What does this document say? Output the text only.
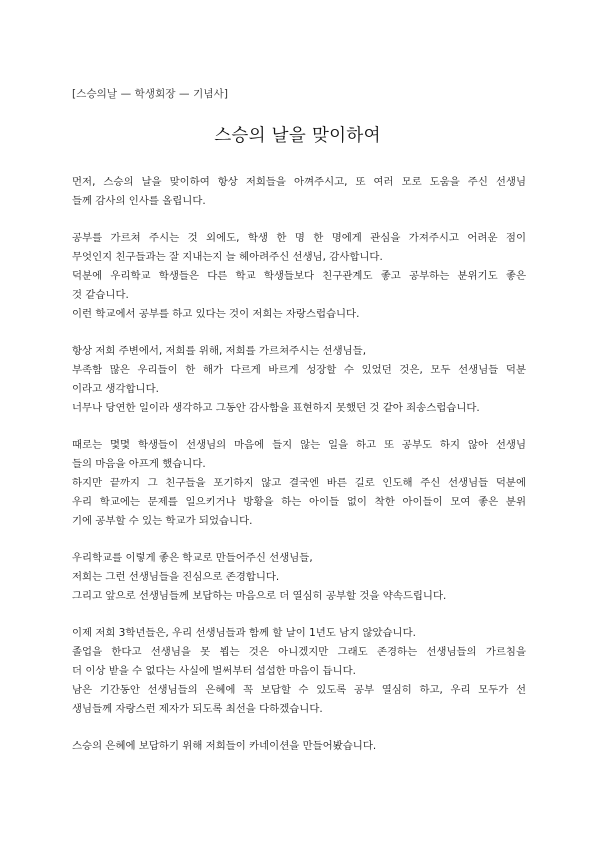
[스승의날 — 학생회장 — 기념사]
스승의 날을 맞이하여
먼저, 스승의 날을 맞이하여 항상 저희들을 아껴주시고, 또 여러 모로 도움을 주신 선생님
들께 감사의 인사를 올립니다.
공부를 가르쳐 주시는 것 외에도, 학생 한 명 한 명에게 관심을 가져주시고 어려운 점이
무엇인지 친구들과는 잘 지내는지 늘 헤아려주신 선생님, 감사합니다.
덕분에 우리학교 학생들은 다른 학교 학생들보다 친구관계도 좋고 공부하는 분위기도 좋은
것 같습니다.
이런 학교에서 공부를 하고 있다는 것이 저희는 자랑스럽습니다.
항상 저희 주변에서, 저희를 위해, 저희를 가르쳐주시는 선생님들,
부족함 많은 우리들이 한 해가 다르게 바르게 성장할 수 있었던 것은, 모두 선생님들 덕분
이라고 생각합니다.
너무나 당연한 일이라 생각하고 그동안 감사함을 표현하지 못했던 것 같아 죄송스럽습니다.
때로는 몇몇 학생들이 선생님의 마음에 들지 않는 일을 하고 또 공부도 하지 않아 선생님
들의 마음을 아프게 했습니다.
하지만 끝까지 그 친구들을 포기하지 않고 결국엔 바른 길로 인도해 주신 선생님들 덕분에
우리 학교에는 문제를 일으키거나 방황을 하는 아이들 없이 착한 아이들이 모여 좋은 분위
기에 공부할 수 있는 학교가 되었습니다.
우리학교를 이렇게 좋은 학교로 만들어주신 선생님들,
저희는 그런 선생님들을 진심으로 존경합니다.
그리고 앞으로 선생님들께 보답하는 마음으로 더 열심히 공부할 것을 약속드립니다.
이제 저희 3학년들은, 우리 선생님들과 함께 할 날이 1년도 남지 않았습니다.
졸업을 한다고 선생님을 못 뵙는 것은 아니겠지만 그래도 존경하는 선생님들의 가르침을
더 이상 받을 수 없다는 사실에 벌써부터 섭섭한 마음이 듭니다.
남은 기간동안 선생님들의 은혜에 꼭 보답할 수 있도록 공부 열심히 하고, 우리 모두가 선
생님들께 자랑스런 제자가 되도록 최선을 다하겠습니다.
스승의 은혜에 보답하기 위해 저희들이 카네이션을 만들어봤습니다.
